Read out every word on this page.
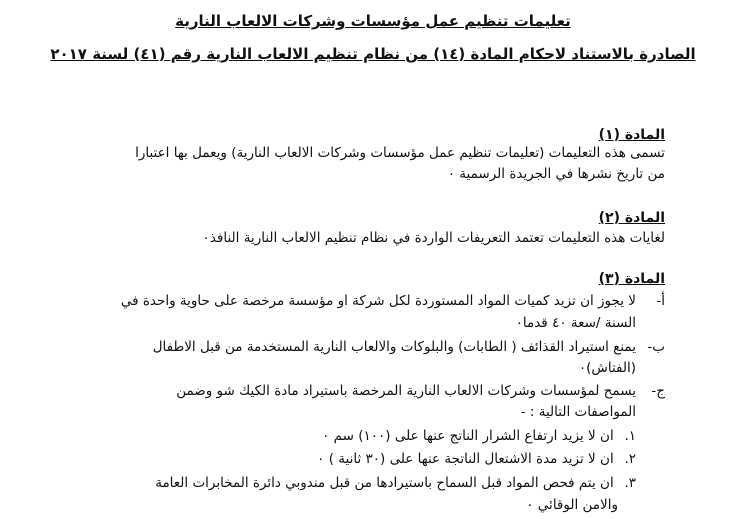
تعليمات تنظيم عمل مؤسسات وشركات الالعاب النارية
الصادرة بالاستناد لاحكام المادة (١٤) من نظام تنظيم الالعاب النارية رقم (٤١) لسنة ٢٠١٧
المادة (١)
تسمى هذه التعليمات (تعليمات تنظيم عمل مؤسسات وشركات الالعاب النارية) ويعمل بها اعتبارا
من تاريخ نشرها في الجريدة الرسمية ٠
المادة (٢)
لغايات هذه التعليمات تعتمد التعريفات الواردة في نظام تنظيم الالعاب النارية النافذ٠
المادة (٣)
أ-
لا يجوز ان تزيد كميات المواد المستوردة لكل شركة او مؤسسة مرخصة على حاوية واحدة في
السنة /سعة ٤٠ قدما٠
ب-
يمنع استيراد القذائف ( الطابات) والبلوكات والالعاب النارية المستخدمة من قبل الاطفال
(الفتاش)٠
ج-
يسمح لمؤسسات وشركات الالعاب النارية المرخصة باستيراد مادة الكيك شو وضمن
المواصفات التالية : -
١. ان لا يزيد ارتفاع الشرار الناتج عنها على (١٠٠) سم ٠
٢. ان لا تزيد مدة الاشتعال الناتجة عنها على (٣٠ ثانية ) ٠
٣. ان يتم فحص المواد قبل السماح باستيرادها من قبل مندوبي دائرة المخابرات العامة
والامن الوقائي ٠
